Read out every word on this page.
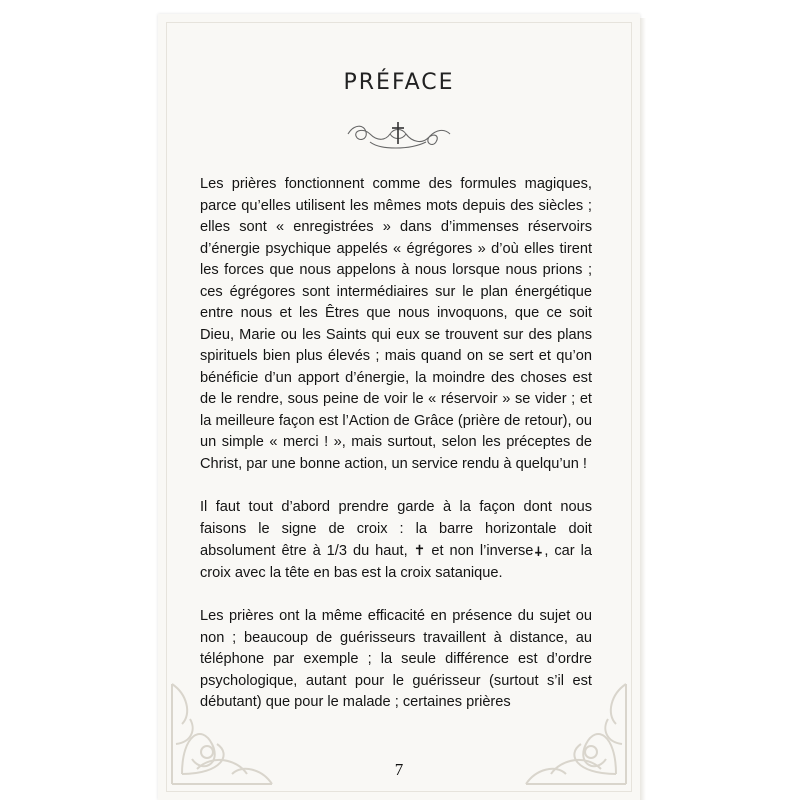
PRÉFACE

Les prières fonctionnent comme des formules magiques, parce qu’elles utilisent les mêmes mots depuis des siècles ; elles sont « enregistrées » dans d’immenses réservoirs d’énergie psychique appelés « égrégores » d’où elles tirent les forces que nous appelons à nous lorsque nous prions ; ces égrégores sont intermédiaires sur le plan énergétique entre nous et les Êtres que nous invoquons, que ce soit Dieu, Marie ou les Saints qui eux se trouvent sur des plans spirituels bien plus élevés ; mais quand on se sert et qu’on bénéficie d’un apport d’énergie, la moindre des choses est de le rendre, sous peine de voir le « réservoir » se vider ; et la meilleure façon est l’Action de Grâce (prière de retour), ou un simple « merci ! », mais surtout, selon les préceptes de Christ, par une bonne action, un service rendu à quelqu’un !

Il faut tout d’abord prendre garde à la façon dont nous faisons le signe de croix : la barre horizontale doit absolument être à 1/3 du haut, ✝ et non l’inverse✝, car la croix avec la tête en bas est la croix satanique.

Les prières ont la même efficacité en présence du sujet ou non ; beaucoup de guérisseurs travaillent à distance, au téléphone par exemple ; la seule différence est d’ordre psychologique, autant pour le guérisseur (surtout s’il est débutant) que pour le malade ; certaines prières

7
